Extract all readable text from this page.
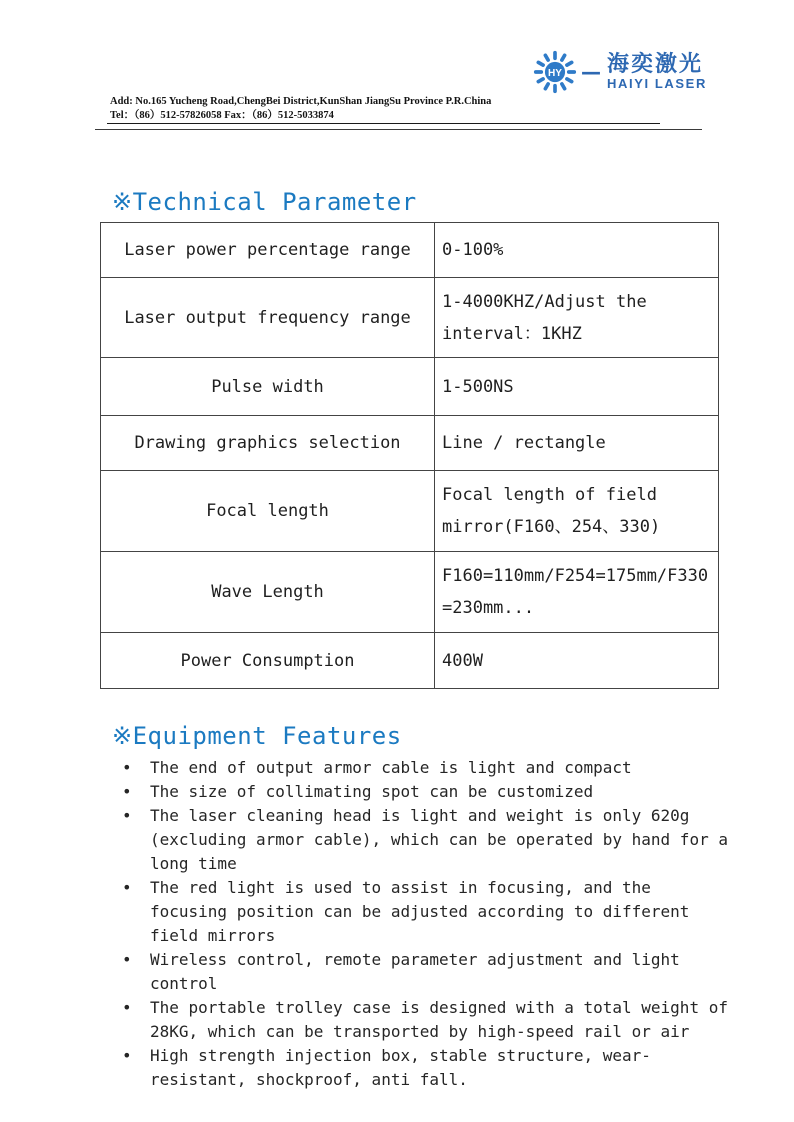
HY — 海奕激光
HAIYI LASER
Add: No.165 Yucheng Road,ChengBei District,KunShan JiangSu Province P.R.China
Tel：（86）512-57826058 Fax：（86）512-5033874
※Technical Parameter
Laser power percentage range	0-100%
Laser output frequency range	1-4000KHZ/Adjust the interval：1KHZ
Pulse width	1-500NS
Drawing graphics selection	Line / rectangle
Focal length	Focal length of field mirror(F160、254、330)
Wave Length	F160=110mm/F254=175mm/F330=230mm...
Power Consumption	400W
※Equipment Features
•	The end of output armor cable is light and compact
•	The size of collimating spot can be customized
•	The laser cleaning head is light and weight is only 620g (excluding armor cable), which can be operated by hand for a long time
•	The red light is used to assist in focusing, and the focusing position can be adjusted according to different field mirrors
•	Wireless control, remote parameter adjustment and light control
•	The portable trolley case is designed with a total weight of 28KG, which can be transported by high-speed rail or air
•	High strength injection box, stable structure, wear-resistant, shockproof, anti fall.
